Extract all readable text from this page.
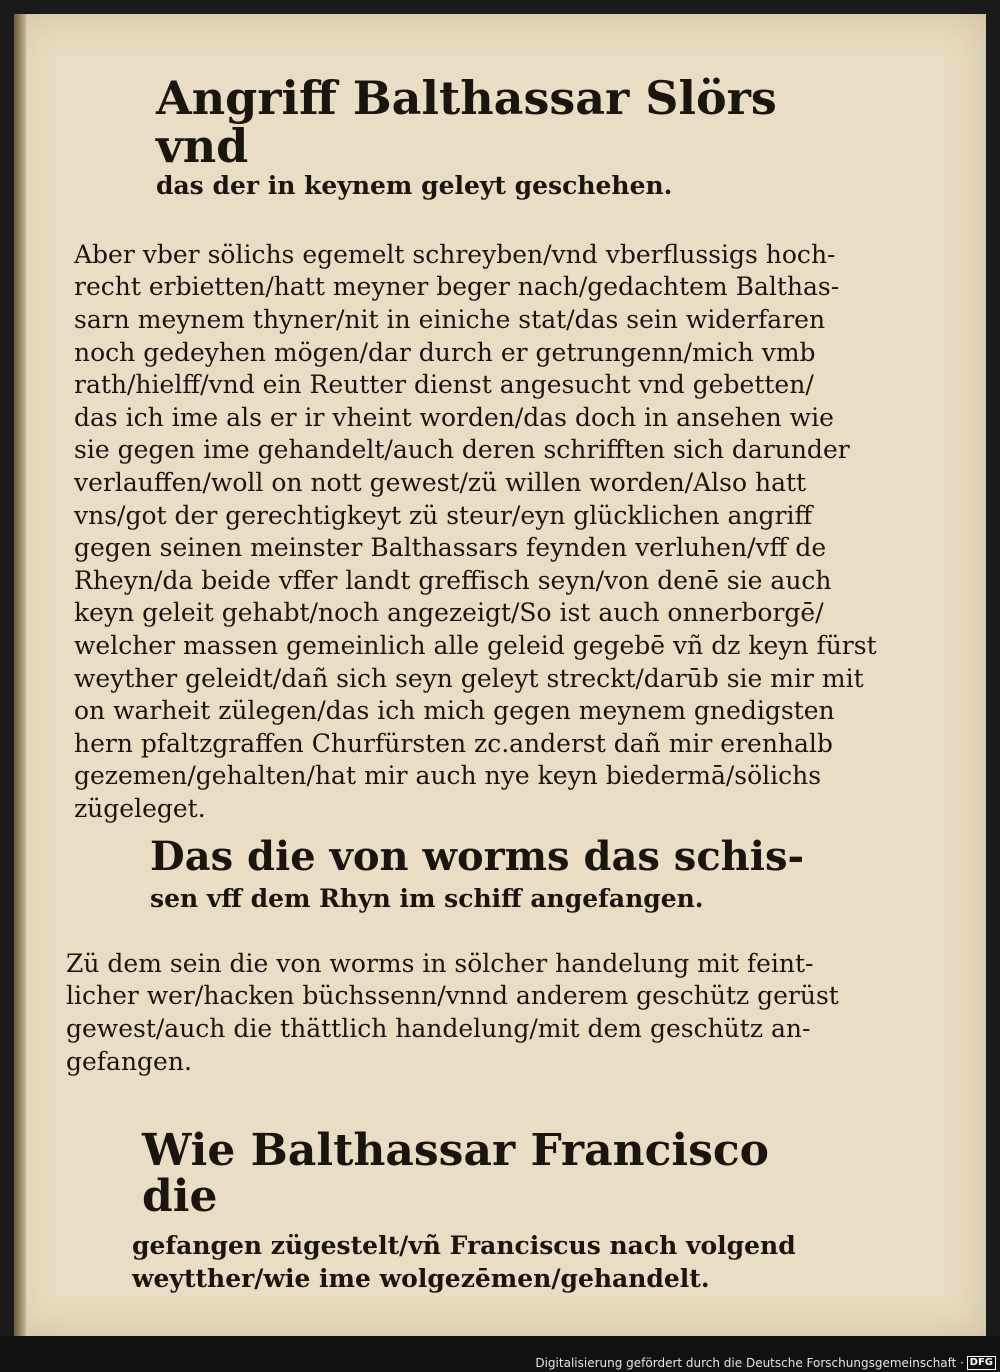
Angriff Balthassar Slörs vnd
das der in keynem geleyt geschehen.

Aber vber sölichs egemelt schreyben/vnd vberflussigs hoch-
recht erbietten/hatt meyner beger nach/gedachtem Balthas-
sarn meynem thyner/nit in einiche stat/das sein widerfaren
noch gedeyhen mögen/dar durch er getrungenn/mich vmb
rath/hielff/vnd ein Reutter dienst angesucht vnd gebetten/
das ich ime als er ir vheint worden/das doch in ansehen wie
sie gegen ime gehandelt/auch deren schrifften sich darunder
verlauffen/woll on nott gewest/zü willen worden/Also hatt
vns/got der gerechtigkeyt zü steur/eyn glücklichen angriff
gegen seinen meinster Balthassars feynden verluhen/vff de
Rheyn/da beide vffer landt greffisch seyn/von denē sie auch
keyn geleit gehabt/noch angezeigt/So ist auch onnerborgē/
welcher massen gemeinlich alle geleid gegebē vñ dz keyn fürst
weyther geleidt/dañ sich seyn geleyt streckt/darūb sie mir mit
on warheit zülegen/das ich mich gegen meynem gnedigsten
hern pfaltzgraffen Churfürsten zc.anderst dañ mir erenhalb
gezemen/gehalten/hat mir auch nye keyn biedermā/sölichs
zügeleget.

Das die von worms das schis-
sen vff dem Rhyn im schiff angefangen.

Zü dem sein die von worms in sölcher handelung mit feint-
licher wer/hacken büchssenn/vnnd anderem geschütz gerüst
gewest/auch die thättlich handelung/mit dem geschütz an-
gefangen.

Wie Balthassar Francisco die
gefangen zügestelt/vñ Franciscus nach volgend
weytther/wie ime wolgezēmen/gehandelt.
Digitalisierung gefördert durch die Deutsche Forschungsgemeinschaft · DFG
